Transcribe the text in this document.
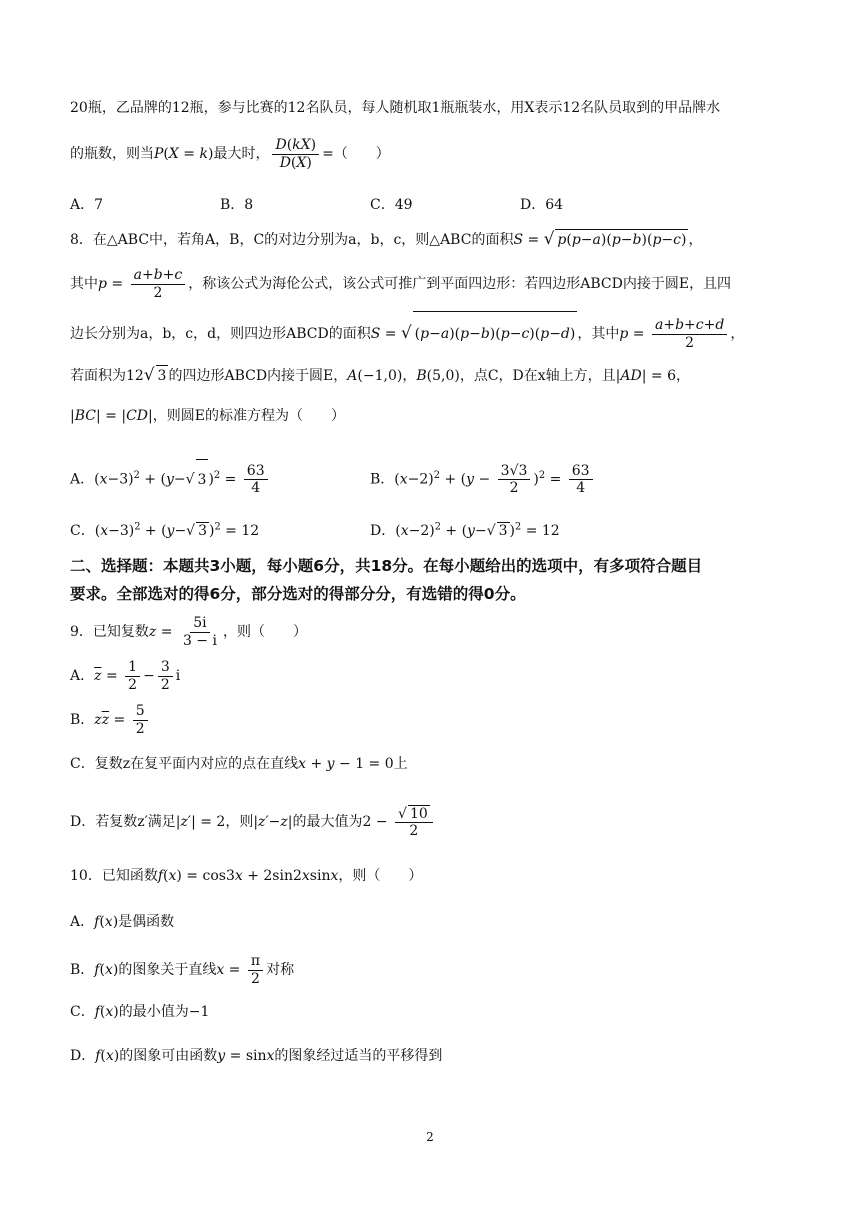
20瓶，乙品牌的12瓶，参与比赛的12名队员，每人随机取1瓶瓶装水，用X表示12名队员取到的甲品牌水
的瓶数，则当P(X = k)最大时， $\frac{D(kX)}{D(X)}$ =（　　）
A．7	B．8	C．49	D．64
8．在△ABC中，若角A，B，C的对边分别为a，b，c，则△ABC的面积S = √ p(p−a)(p−b)(p−c) ，
其中$p = \frac{a+b+c}{2}$ ，称该公式为海伦公式，该公式可推广到平面四边形：若四边形ABCD内接于圆E，且四
边长分别为a，b，c，d，则四边形ABCD的面积S = √ (p−a)(p−b)(p−c)(p−d) ，其中$p = \frac{a+b+c+d}{2}$ ，
若面积为12√ 3 的四边形ABCD内接于圆E，A(−1,0)，B(5,0)，点C，D在x轴上方，且|AD| = 6，
|BC| = |CD|，则圆E的标准方程为（　　）
A．$(x-3)^2 + (y-√$ 3 )$^2 = \frac{63}{4}$	B．$(x-2)^2 + (y - \frac{3√3}{2} )^2 = \frac{63}{4}$
C．$(x-3)^2 + (y-√$ 3 )$^2$ = 12	D．$(x-2)^2 + (y-√$ 3 )$^2$ = 12
二、选择题：本题共3小题，每小题6分，共18分。在每小题给出的选项中，有多项符合题目
要求。全部选对的得6分，部分选对的得部分分，有选错的得0分。
9．已知复数$z = \frac{5i}{3 - i}$ ，则（　　）
A．$\overline{z} = \frac{1}{2} - \frac{3}{2}$ i
B．$z\overline{z} = \frac{5}{2}$
C．复数z在复平面内对应的点在直线x + y − 1 = 0上
D．若复数z′满足|z′| = 2，则|z′−z|的最大值为$2 - \frac{√ 10}{2}$
10．已知函数f(x) = cos3x + 2sin2xsinx，则（　　）
A．f(x)是偶函数
B．f(x)的图象关于直线$x = \frac{\pi}{2}$ 对称
C．f(x)的最小值为−1
D．f(x)的图象可由函数y = sinx的图象经过适当的平移得到
2
